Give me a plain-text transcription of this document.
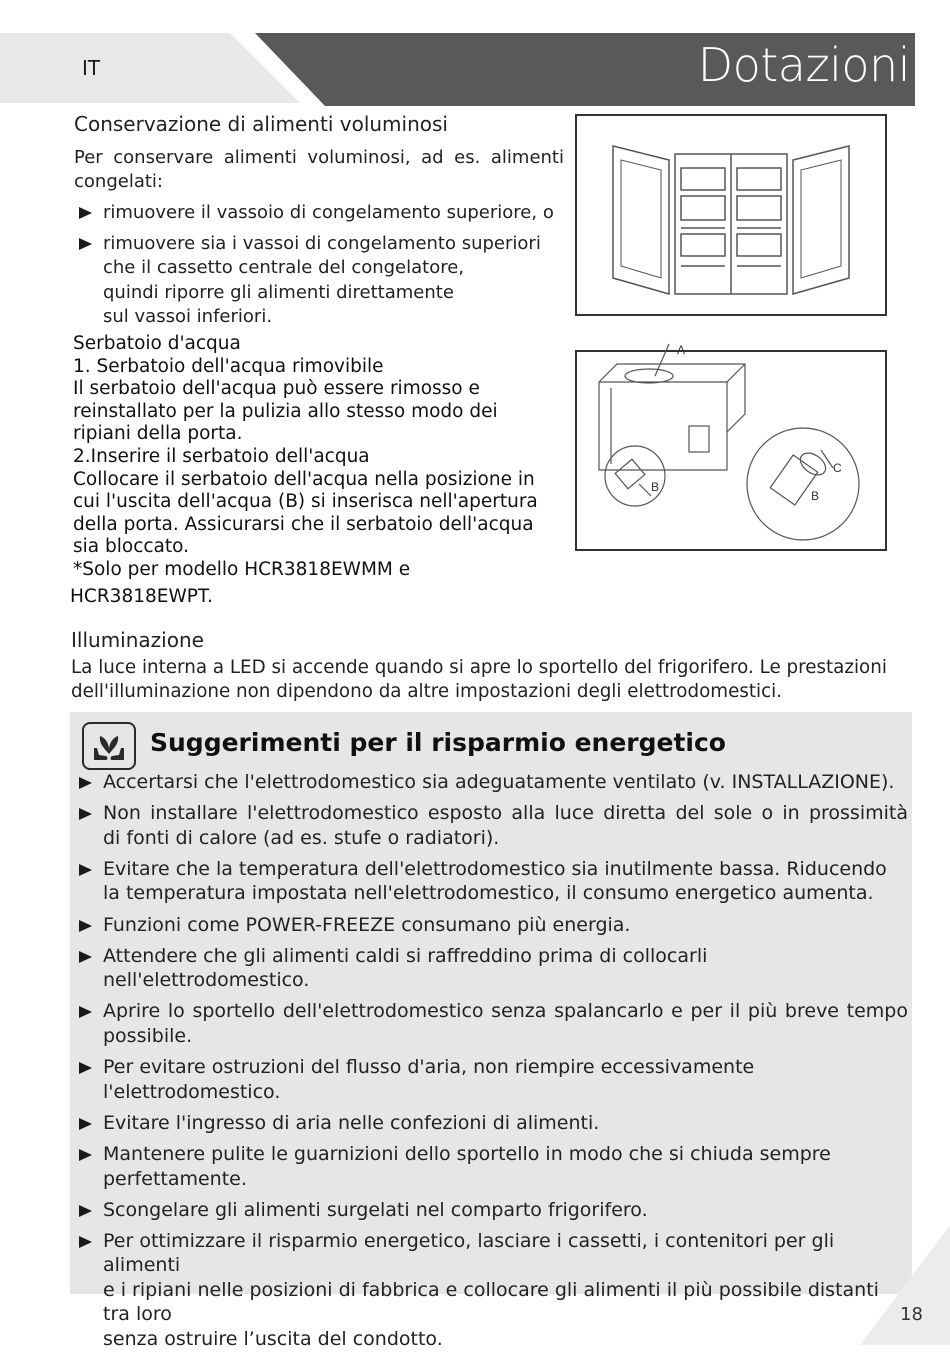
IT	Dotazioni
Conservazione di alimenti voluminosi
Per conservare alimenti voluminosi, ad es. alimenti
congelati:
rimuovere il vassoio di congelamento superiore, o
rimuovere sia i vassoi di congelamento superiori
che il cassetto centrale del congelatore,
quindi riporre gli alimenti direttamente
sul vassoi inferiori.
Serbatoio d'acqua
1. Serbatoio dell'acqua rimovibile
Il serbatoio dell'acqua può essere rimosso e
reinstallato per la pulizia allo stesso modo dei
ripiani della porta.
2.Inserire il serbatoio dell'acqua
Collocare il serbatoio dell'acqua nella posizione in
cui l'uscita dell'acqua (B) si inserisca nell'apertura
della porta. Assicurarsi che il serbatoio dell'acqua
sia bloccato.
*Solo per modello HCR3818EWMM e
HCR3818EWPT.
A
B
B
C
Illuminazione
La luce interna a LED si accende quando si apre lo sportello del frigorifero. Le prestazioni
dell'illuminazione non dipendono da altre impostazioni degli elettrodomestici.
Suggerimenti per il risparmio energetico
Accertarsi che l'elettrodomestico sia adeguatamente ventilato (v. INSTALLAZIONE).
Non installare l'elettrodomestico esposto alla luce diretta del sole o in prossimità
di fonti di calore (ad es. stufe o radiatori).
Evitare che la temperatura dell'elettrodomestico sia inutilmente bassa. Riducendo
la temperatura impostata nell'elettrodomestico, il consumo energetico aumenta.
Funzioni come POWER-FREEZE consumano più energia.
Attendere che gli alimenti caldi si raffreddino prima di collocarli nell'elettrodomestico.
Aprire lo sportello dell'elettrodomestico senza spalancarlo e per il più breve tempo
possibile.
Per evitare ostruzioni del flusso d'aria, non riempire eccessivamente
l'elettrodomestico.
Evitare l'ingresso di aria nelle confezioni di alimenti.
Mantenere pulite le guarnizioni dello sportello in modo che si chiuda sempre
perfettamente.
Scongelare gli alimenti surgelati nel comparto frigorifero.
Per ottimizzare il risparmio energetico, lasciare i cassetti, i contenitori per gli alimenti
e i ripiani nelle posizioni di fabbrica e collocare gli alimenti il più possibile distanti tra loro
senza ostruire l’uscita del condotto.
18
